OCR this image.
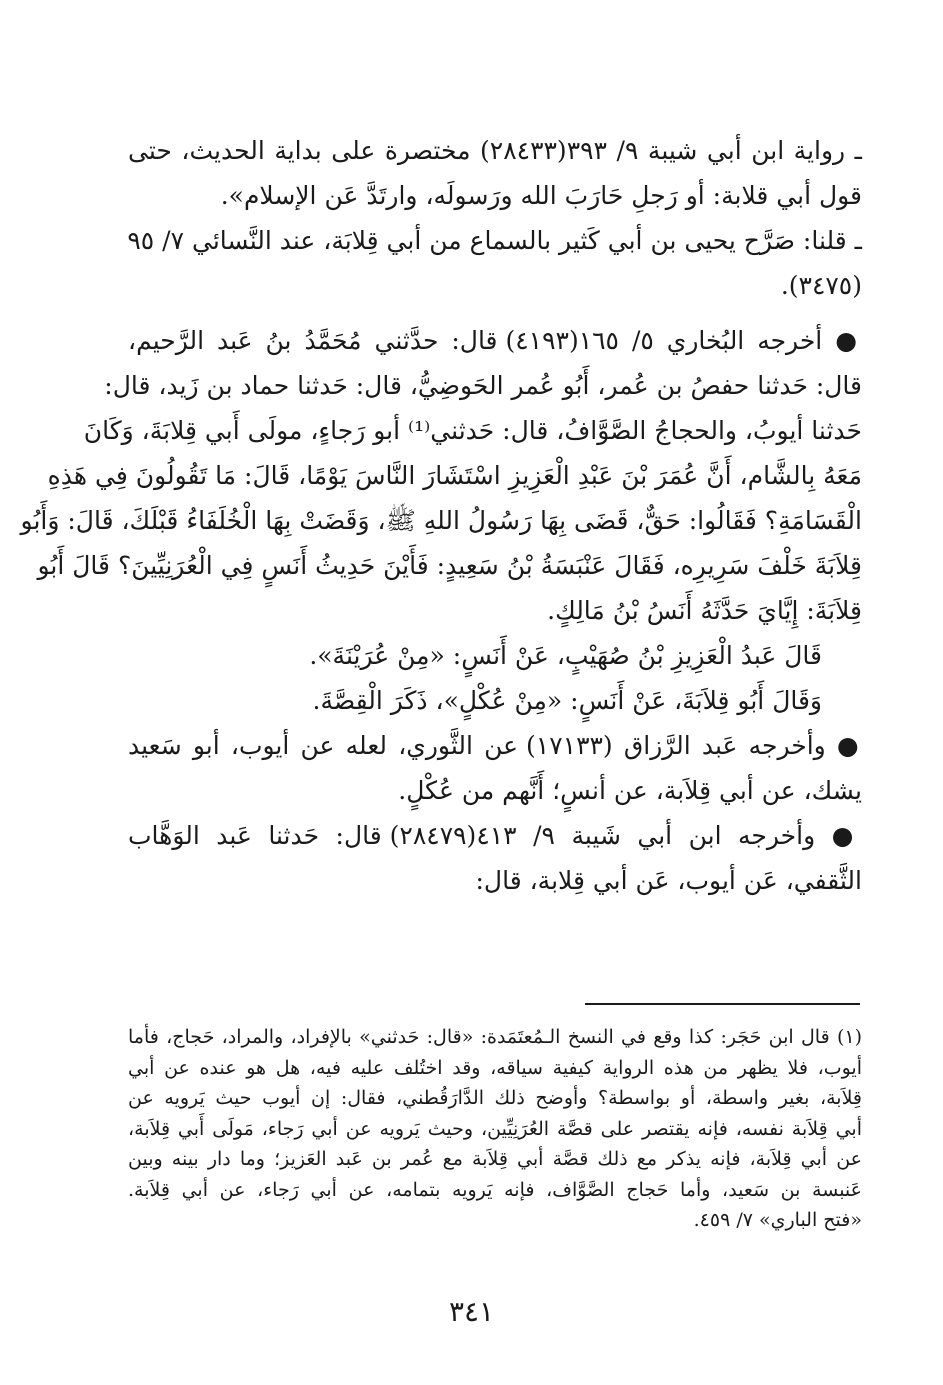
ـ رواية ابن أبي شيبة ٩/ ٣٩٣(٢٨٤٣٣) مختصرة على بداية الحديث، حتى
قول أبي قلابة: أو رَجلِ حَارَبَ الله ورَسولَه، وارتَدَّ عَن الإسلام».
ـ قلنا: صَرَّح يحيى بن أبي كَثير بالسماع من أبي قِلابَة، عند النَّسائي ٧/ ٩٥
(٣٤٧٥).
● أخرجه البُخاري ٥/ ١٦٥(٤١٩٣) قال: حدَّثني مُحَمَّدُ بنُ عَبد الرَّحيم،
قال: حَدثنا حفصُ بن عُمر، أَبُو عُمر الحَوضِيُّ، قال: حَدثنا حماد بن زَيد، قال:
حَدثنا أيوبُ، والحجاجُ الصَّوَّافُ، قال: حَدثني⁽¹⁾ أبو رَجاءٍ، مولَى أَبي قِلابَةَ، وَكَانَ
مَعَهُ بِالشَّام، أَنَّ عُمَرَ بْنَ عَبْدِ الْعَزِيزِ اسْتَشَارَ النَّاسَ يَوْمًا، قَالَ: مَا تَقُولُونَ فِي هَذِهِ
الْقَسَامَةِ؟ فَقَالُوا: حَقٌّ، قَضَى بِهَا رَسُولُ اللهِ ﷺ، وَقَضَتْ بِهَا الْخُلَفَاءُ قَبْلَكَ، قَالَ: وَأَبُو
قِلاَبَةَ خَلْفَ سَرِيرِه، فَقَالَ عَنْبَسَةُ بْنُ سَعِيدٍ: فَأَيْنَ حَدِيثُ أَنَسٍ فِي الْعُرَنِيِّينَ؟ قَالَ أَبُو
قِلاَبَةَ: إِيَّايَ حَدَّثَهُ أَنَسُ بْنُ مَالِكٍ.
قَالَ عَبدُ الْعَزِيزِ بْنُ صُهَيْبٍ، عَنْ أَنَسٍ: «مِنْ عُرَيْنَةَ».
وَقَالَ أَبُو قِلاَبَةَ، عَنْ أَنَسٍ: «مِنْ عُكْلٍ»، ذَكَرَ الْقِصَّةَ.
● وأخرجه عَبد الرَّزاق (١٧١٣٣) عن الثَّوري، لعله عن أيوب، أبو سَعيد
يشك، عن أبي قِلاَبة، عن أنسٍ؛ أَنَّهم من عُكْلٍ.
● وأخرجه ابن أبي شَيبة ٩/ ٤١٣(٢٨٤٧٩) قال: حَدثنا عَبد الوَهَّاب
الثَّقفي، عَن أيوب، عَن أبي قِلابة، قال:
(١) قال ابن حَجَر: كذا وقع في النسخ الـمُعتَمَدة: «قال: حَدثني» بالإفراد، والمراد، حَجاج، فأما
أيوب، فلا يظهر من هذه الرواية كيفية سياقه، وقد اختُلف عليه فيه، هل هو عنده عن أبي
قِلاَبة، بغير واسطة، أو بواسطة؟ وأوضح ذلك الدَّارَقُطني، فقال: إن أيوب حيث يَرويه عن
أبي قِلاَبة نفسه، فإنه يقتصر على قصَّة العُرَنِيِّين، وحيث يَرويه عن أبي رَجاء، مَولَى أَبي قِلاَبة،
عن أبي قِلاَبة، فإنه يذكر مع ذلك قصَّة أبي قِلاَبة مع عُمر بن عَبد العَزيز؛ وما دار بينه وبين
عَنبسة بن سَعيد، وأما حَجاج الصَّوَّاف، فإنه يَرويه بتمامه، عن أبي رَجاء، عن أبي قِلاَبة.
«فتح الباري» ٧/ ٤٥٩.
٣٤١
